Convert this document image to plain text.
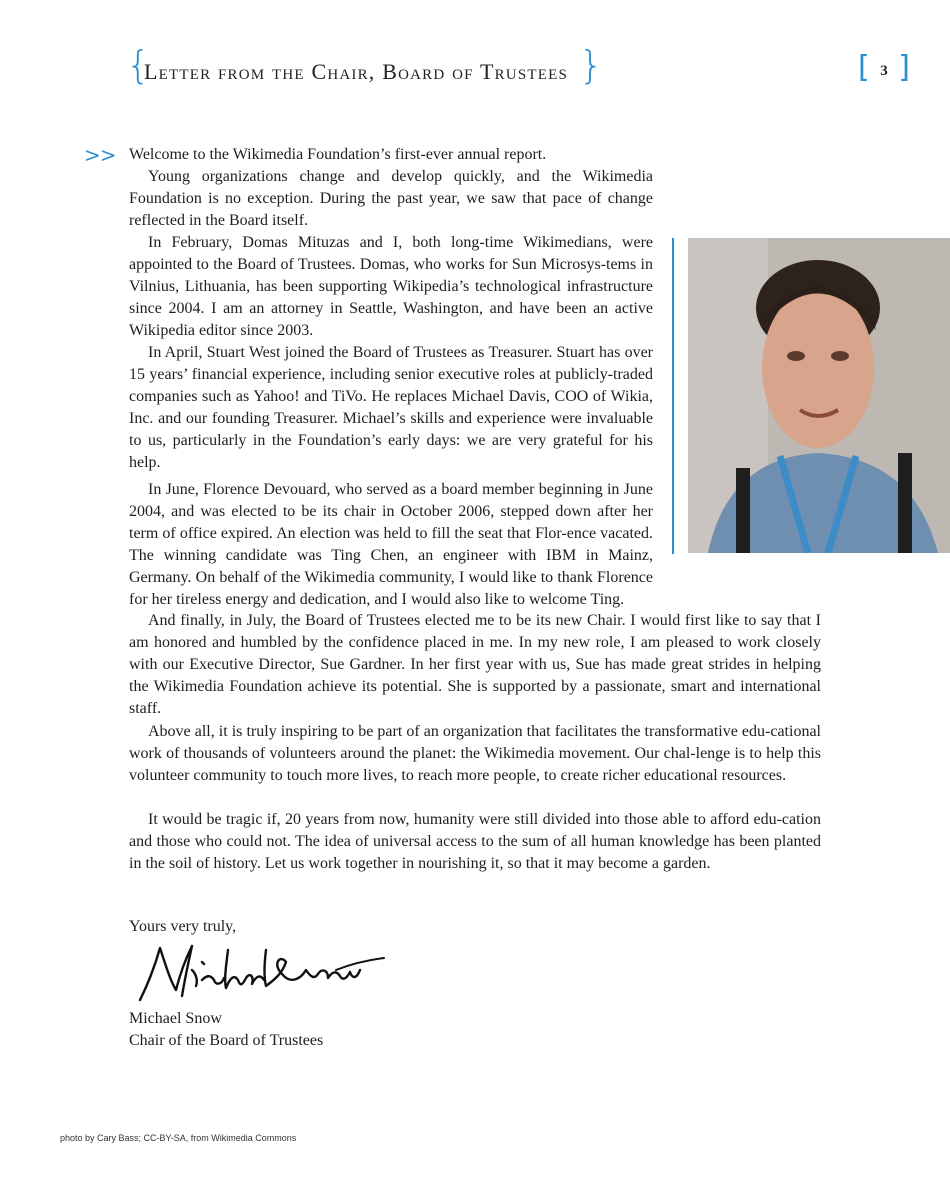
{
Letter from the Chair, Board of Trustees }	[ 3 ]
>> Welcome to the Wikimedia Foundation’s first-ever annual report.

Young organizations change and develop quickly, and the Wikimedia Foundation is no exception. During the past year, we saw that pace of change reflected in the Board itself.

In February, Domas Mituzas and I, both long-time Wikimedians, were appointed to the Board of Trustees. Domas, who works for Sun Microsys-tems in Vilnius, Lithuania, has been supporting Wikipedia’s technological infrastructure since 2004. I am an attorney in Seattle, Washington, and have been an active Wikipedia editor since 2003.

In April, Stuart West joined the Board of Trustees as Treasurer. Stuart has over 15 years’ financial experience, including senior executive roles at publicly-traded companies such as Yahoo! and TiVo. He replaces Michael Davis, COO of Wikia, Inc. and our founding Treasurer. Michael’s skills and experience were invaluable to us, particularly in the Foundation’s early days: we are very grateful for his help.

In June, Florence Devouard, who served as a board member beginning in June 2004, and was elected to be its chair in October 2006, stepped down after her term of office expired. An election was held to fill the seat that Flor-ence vacated. The winning candidate was Ting Chen, an engineer with IBM in Mainz, Germany. On behalf of the Wikimedia community, I would like to thank Florence for her tireless energy and dedication, and I would also like to welcome Ting.

And finally, in July, the Board of Trustees elected me to be its new Chair. I would first like to say that I am honored and humbled by the confidence placed in me. In my new role, I am pleased to work closely with our Executive Director, Sue Gardner. In her first year with us, Sue has made great strides in helping the Wikimedia Foundation achieve its potential. She is supported by a passionate, smart and international staff.

Above all, it is truly inspiring to be part of an organization that facilitates the transformative edu-cational work of thousands of volunteers around the planet: the Wikimedia movement. Our chal-lenge is to help this volunteer community to touch more lives, to reach more people, to create richer educational resources.

It would be tragic if, 20 years from now, humanity were still divided into those able to afford edu-cation and those who could not. The idea of universal access to the sum of all human knowledge has been planted in the soil of history. Let us work together in nourishing it, so that it may become a garden.

Yours very truly,
Michael Snow
Chair of the Board of Trustees
photo by Cary Bass; CC-BY-SA, from Wikimedia Commons
